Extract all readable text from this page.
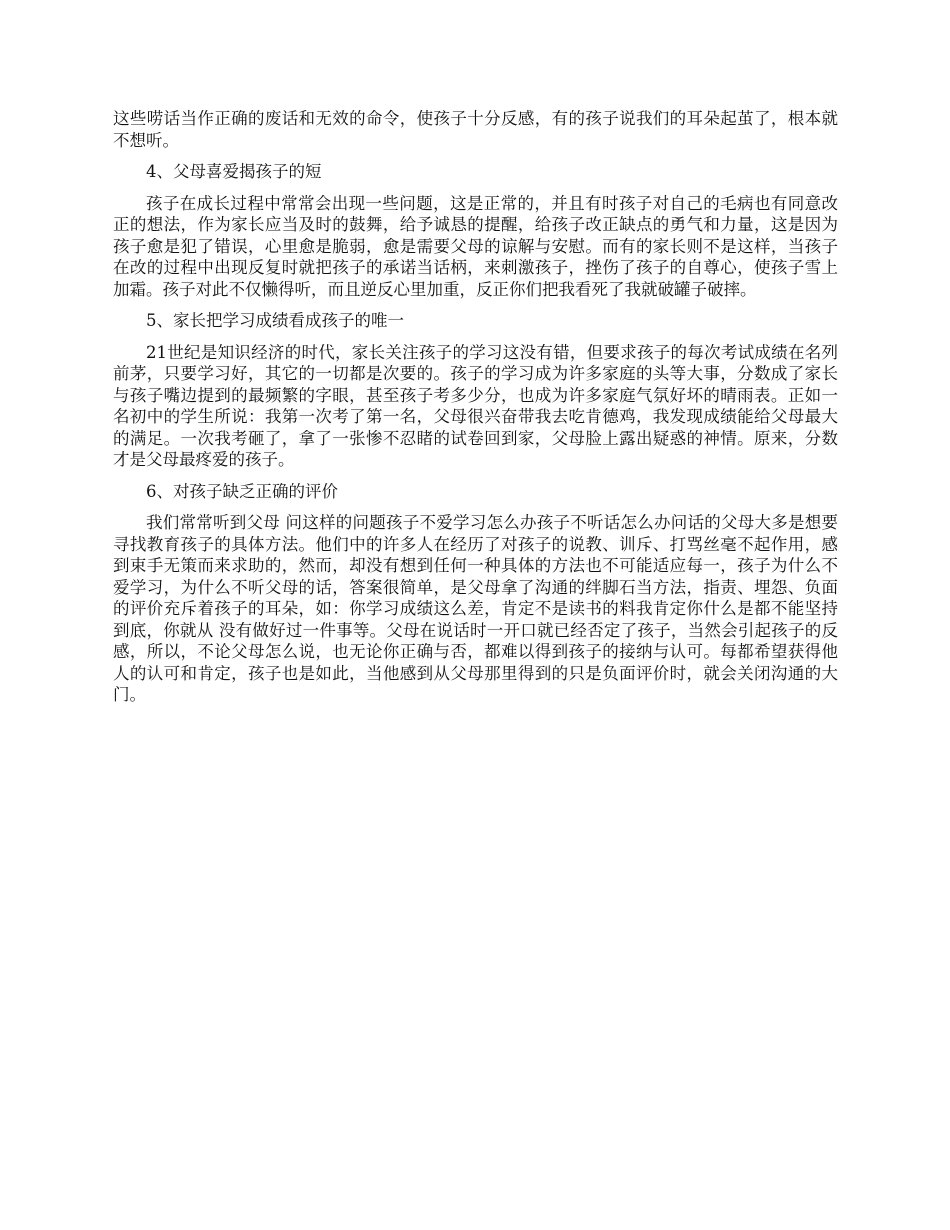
这些唠话当作正确的废话和无效的命令，使孩子十分反感，有的孩子说我们的耳朵起茧了，根本就不想听。

4、父母喜爱揭孩子的短

孩子在成长过程中常常会出现一些问题，这是正常的，并且有时孩子对自己的毛病也有同意改正的想法，作为家长应当及时的鼓舞，给予诚恳的提醒，给孩子改正缺点的勇气和力量，这是因为孩子愈是犯了错误，心里愈是脆弱，愈是需要父母的谅解与安慰。而有的家长则不是这样，当孩子在改的过程中出现反复时就把孩子的承诺当话柄，来刺激孩子，挫伤了孩子的自尊心，使孩子雪上加霜。孩子对此不仅懒得听，而且逆反心里加重，反正你们把我看死了我就破罐子破摔。

5、家长把学习成绩看成孩子的唯一

21世纪是知识经济的时代，家长关注孩子的学习这没有错，但要求孩子的每次考试成绩在名列前茅，只要学习好，其它的一切都是次要的。孩子的学习成为许多家庭的头等大事，分数成了家长与孩子嘴边提到的最频繁的字眼，甚至孩子考多少分，也成为许多家庭气氛好坏的晴雨表。正如一名初中的学生所说：我第一次考了第一名，父母很兴奋带我去吃肯德鸡，我发现成绩能给父母最大的满足。一次我考砸了，拿了一张惨不忍睹的试卷回到家，父母脸上露出疑惑的神情。原来，分数才是父母最疼爱的孩子。

6、对孩子缺乏正确的评价

我们常常听到父母 问这样的问题孩子不爱学习怎么办孩子不听话怎么办问话的父母大多是想要寻找教育孩子的具体方法。他们中的许多人在经历了对孩子的说教、训斥、打骂丝毫不起作用，感到束手无策而来求助的，然而，却没有想到任何一种具体的方法也不可能适应每一，孩子为什么不爱学习，为什么不听父母的话，答案很简单，是父母拿了沟通的绊脚石当方法，指责、埋怨、负面的评价充斥着孩子的耳朵，如：你学习成绩这么差，肯定不是读书的料我肯定你什么是都不能坚持到底，你就从 没有做好过一件事等。父母在说话时一开口就已经否定了孩子，当然会引起孩子的反感，所以，不论父母怎么说，也无论你正确与否，都难以得到孩子的接纳与认可。每都希望获得他人的认可和肯定，孩子也是如此，当他感到从父母那里得到的只是负面评价时，就会关闭沟通的大门。
